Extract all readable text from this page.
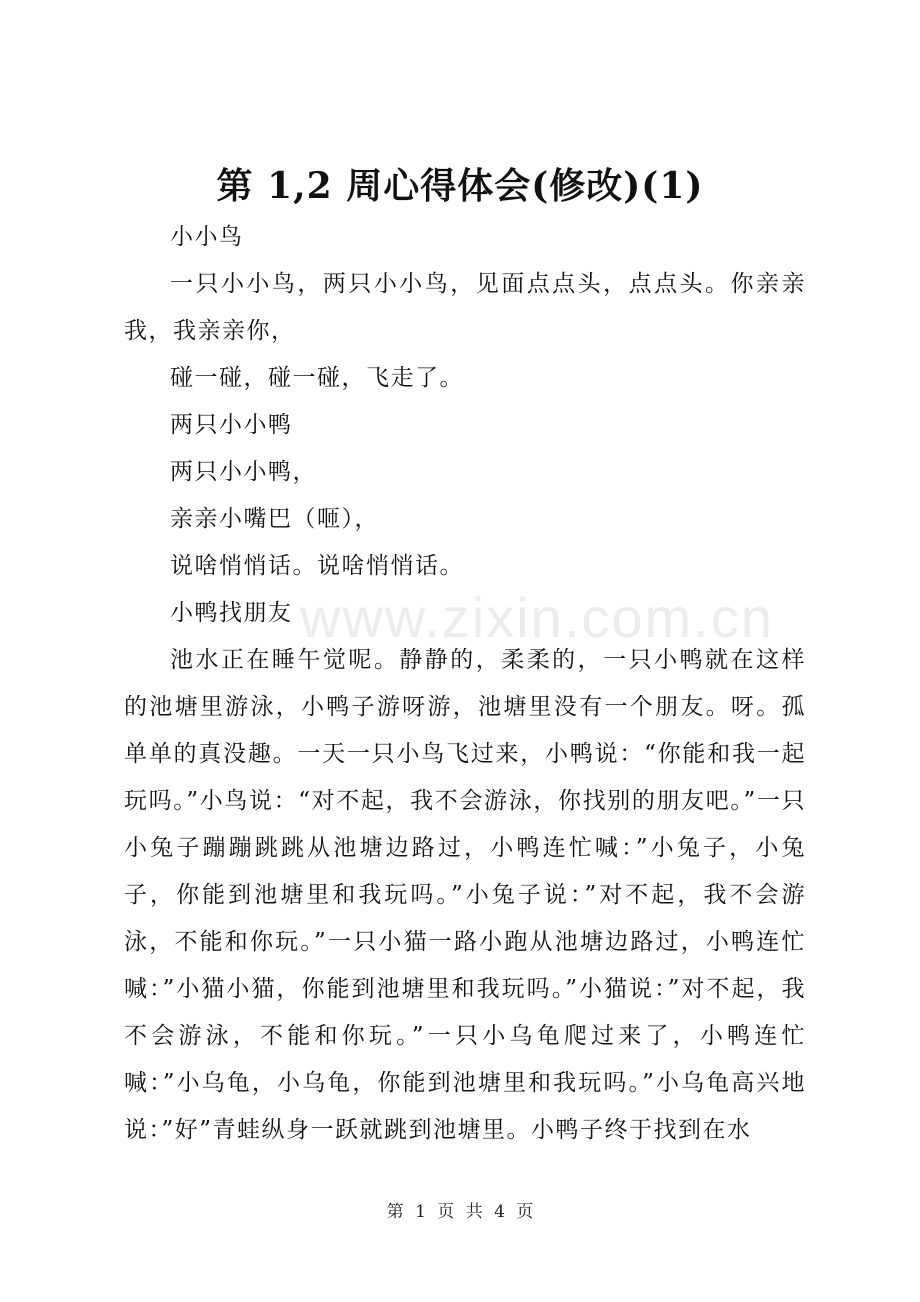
第 1,2 周心得体会(修改)(1)

小小鸟

一只小小鸟，两只小小鸟，见面点点头，点点头。你亲亲我，我亲亲你，

碰一碰，碰一碰，飞走了。

两只小小鸭

两只小小鸭，

亲亲小嘴巴（咂），

说啥悄悄话。说啥悄悄话。

小鸭找朋友

池水正在睡午觉呢。静静的，柔柔的，一只小鸭就在这样的池塘里游泳，小鸭子游呀游，池塘里没有一个朋友。呀。孤单单的真没趣。一天一只小鸟飞过来，小鸭说：“你能和我一起玩吗。”小鸟说：“对不起，我不会游泳，你找别的朋友吧。”一只小兔子蹦蹦跳跳从池塘边路过，小鸭连忙喊：”小兔子，小兔子，你能到池塘里和我玩吗。”小兔子说：”对不起，我不会游泳，不能和你玩。”一只小猫一路小跑从池塘边路过，小鸭连忙喊：”小猫小猫，你能到池塘里和我玩吗。”小猫说：”对不起，我不会游泳，不能和你玩。”一只小乌龟爬过来了，小鸭连忙喊：”小乌龟，小乌龟，你能到池塘里和我玩吗。”小乌龟高兴地说：”好”青蛙纵身一跃就跳到池塘里。小鸭子终于找到在水

www.zixin.com.cn
第 1 页 共 4 页
